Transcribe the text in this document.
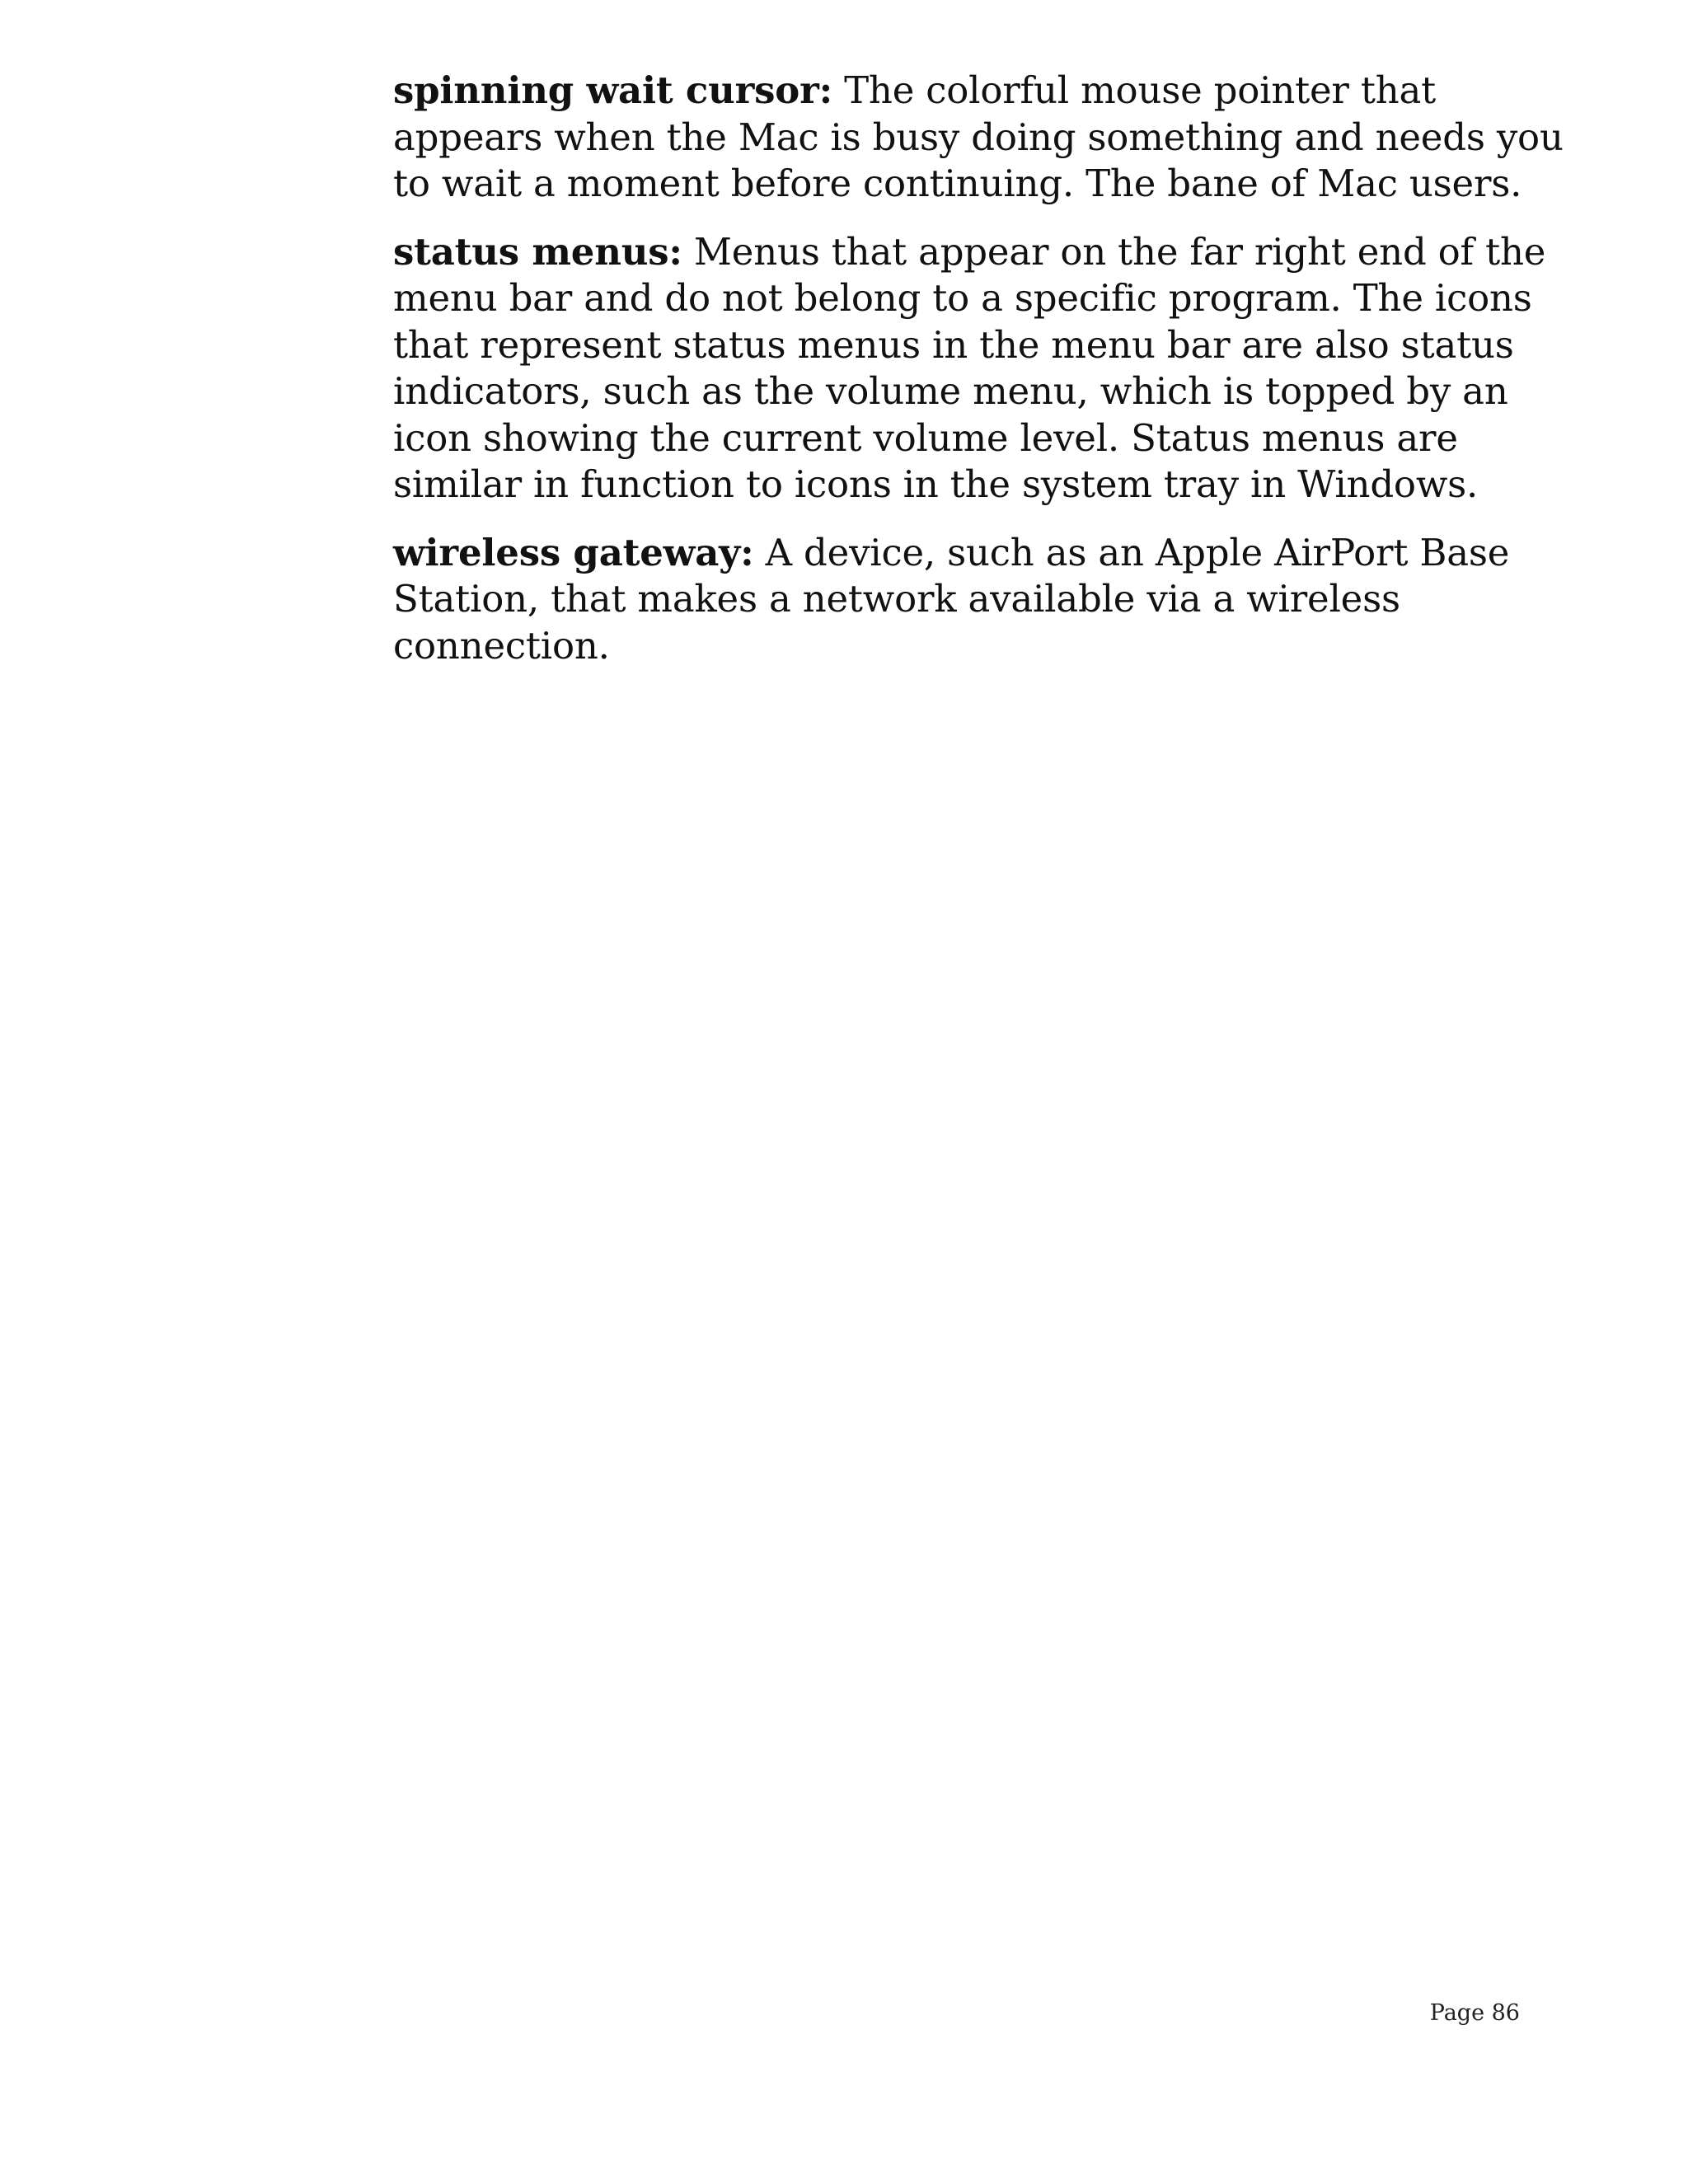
spinning wait cursor: The colorful mouse pointer that appears when the Mac is busy doing something and needs you to wait a moment before continuing. The bane of Mac users.

status menus: Menus that appear on the far right end of the menu bar and do not belong to a specific program. The icons that represent status menus in the menu bar are also status indicators, such as the volume menu, which is topped by an icon showing the current volume level. Status menus are similar in function to icons in the system tray in Windows.

wireless gateway: A device, such as an Apple AirPort Base Station, that makes a network available via a wireless connection.

Page 86
